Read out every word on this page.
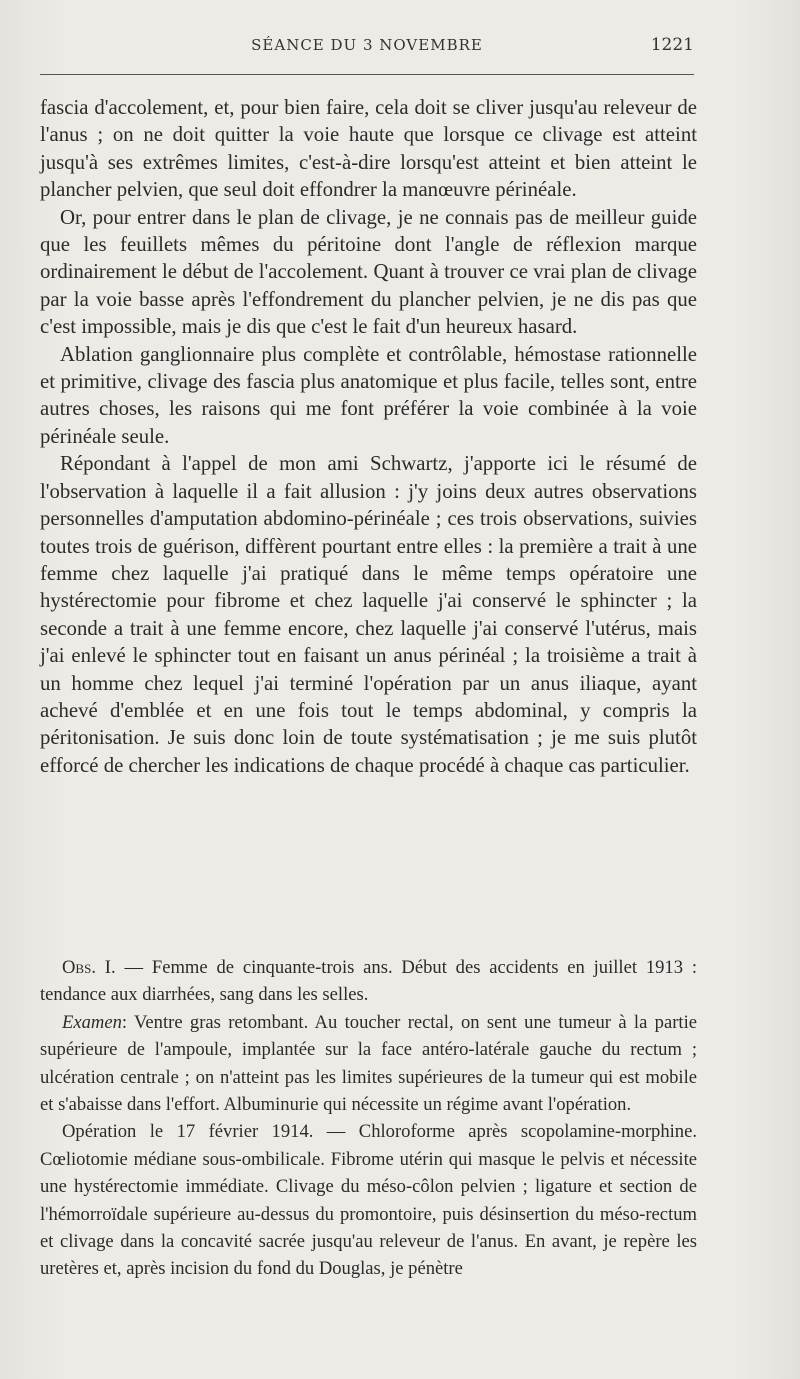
SÉANCE DU 3 NOVEMBRE	1221

fascia d'accolement, et, pour bien faire, cela doit se cliver jusqu'au releveur de l'anus ; on ne doit quitter la voie haute que lorsque ce clivage est atteint jusqu'à ses extrêmes limites, c'est-à-dire lorsqu'est atteint et bien atteint le plancher pelvien, que seul doit effondrer la manœuvre périnéale.

Or, pour entrer dans le plan de clivage, je ne connais pas de meilleur guide que les feuillets mêmes du péritoine dont l'angle de réflexion marque ordinairement le début de l'accolement. Quant à trouver ce vrai plan de clivage par la voie basse après l'effondrement du plancher pelvien, je ne dis pas que c'est impossible, mais je dis que c'est le fait d'un heureux hasard.

Ablation ganglionnaire plus complète et contrôlable, hémostase rationnelle et primitive, clivage des fascia plus anatomique et plus facile, telles sont, entre autres choses, les raisons qui me font préférer la voie combinée à la voie périnéale seule.

Répondant à l'appel de mon ami Schwartz, j'apporte ici le résumé de l'observation à laquelle il a fait allusion : j'y joins deux autres observations personnelles d'amputation abdomino-périnéale ; ces trois observations, suivies toutes trois de guérison, diffèrent pourtant entre elles : la première a trait à une femme chez laquelle j'ai pratiqué dans le même temps opératoire une hystérectomie pour fibrome et chez laquelle j'ai conservé le sphincter ; la seconde a trait à une femme encore, chez laquelle j'ai conservé l'utérus, mais j'ai enlevé le sphincter tout en faisant un anus périnéal ; la troisième a trait à un homme chez lequel j'ai terminé l'opération par un anus iliaque, ayant achevé d'emblée et en une fois tout le temps abdominal, y compris la péritonisation. Je suis donc loin de toute systématisation ; je me suis plutôt efforcé de chercher les indications de chaque procédé à chaque cas particulier.

Obs. I. — Femme de cinquante-trois ans. Début des accidents en juillet 1913 : tendance aux diarrhées, sang dans les selles.

Examen: Ventre gras retombant. Au toucher rectal, on sent une tumeur à la partie supérieure de l'ampoule, implantée sur la face antéro-latérale gauche du rectum ; ulcération centrale ; on n'atteint pas les limites supérieures de la tumeur qui est mobile et s'abaisse dans l'effort. Albuminurie qui nécessite un régime avant l'opération.

Opération le 17 février 1914. — Chloroforme après scopolamine-morphine. Cœliotomie médiane sous-ombilicale. Fibrome utérin qui masque le pelvis et nécessite une hystérectomie immédiate. Clivage du méso-côlon pelvien ; ligature et section de l'hémorroïdale supérieure au-dessus du promontoire, puis désinsertion du méso-rectum et clivage dans la concavité sacrée jusqu'au releveur de l'anus. En avant, je repère les uretères et, après incision du fond du Douglas, je pénètre
